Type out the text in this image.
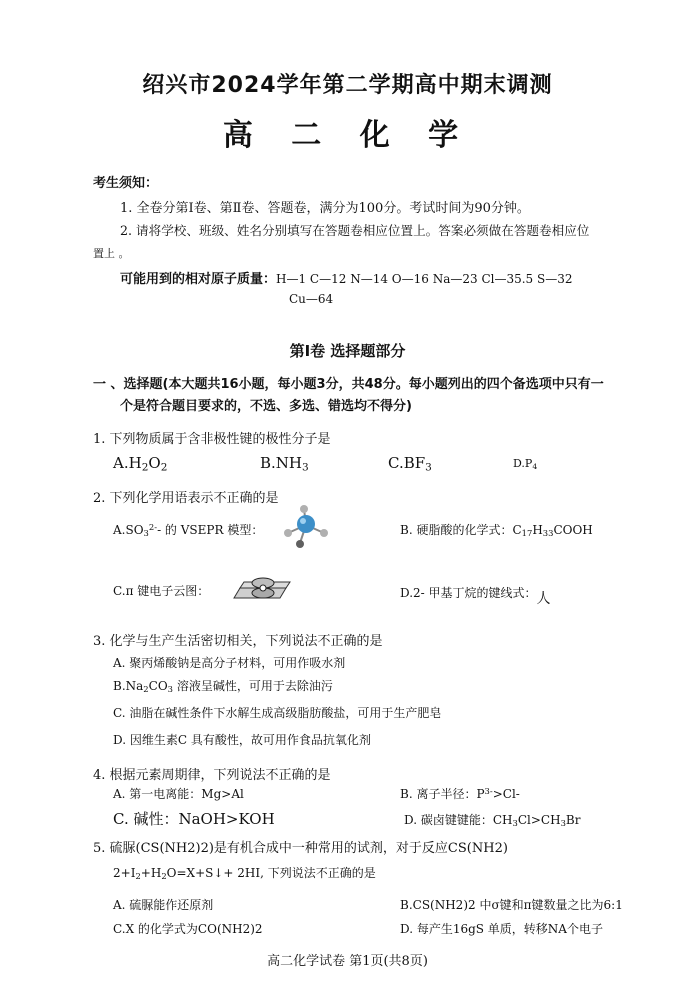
绍兴市2024学年第二学期高中期末调测
高 二 化 学
考生须知：
1. 全卷分第Ⅰ卷、第Ⅱ卷、答题卷，满分为100分。考试时间为90分钟。
2. 请将学校、班级、姓名分别填写在答题卷相应位置上。答案必须做在答题卷相应位
置上 。
可能用到的相对原子质量：H—1 C—12 N—14 O—16 Na—23 Cl—35.5 S—32
Cu—64
第Ⅰ卷 选择题部分
一 、选择题(本大题共16小题，每小题3分，共48分。每小题列出的四个备选项中只有一
个是符合题目要求的，不选、多选、错选均不得分)
1. 下列物质属于含非极性键的极性分子是
$A.H_2O_2$	$B.NH_3$	$C.BF_3$	$D.P_4$
2. 下列化学用语表示不正确的是
$A.SO_3^{2-}-$ 的 VSEPR 模型：	B. 硬脂酸的化学式：$C_{17}H_{33}COOH$
C.π 键电子云图：	D.2- 甲基丁烷的键线式：人
3. 化学与生产生活密切相关，下列说法不正确的是
A. 聚丙烯酸钠是高分子材料，可用作吸水剂
$B.Na_2CO_3$ 溶液呈碱性，可用于去除油污
C. 油脂在碱性条件下水解生成高级脂肪酸盐，可用于生产肥皂
D. 因维生素C 具有酸性，故可用作食品抗氧化剂
4. 根据元素周期律，下列说法不正确的是
A. 第一电离能：Mg>Al	B. 离子半径：$P^{3-}>Cl-$
C. 碱性：NaOH>KOH	D. 碳卤键键能：$CH_3Cl>CH_3Br$
5. 硫脲(CS(NH2)2)是有机合成中一种常用的试剂，对于反应CS(NH2)
$2+I_2+H_2O=X+S↓+ 2HI$, 下列说法不正确的是
A. 硫脲能作还原剂	B.CS(NH2)2 中σ键和π键数量之比为6:1
C.X 的化学式为CO(NH2)2	D. 每产生16gS 单质，转移NA个电子
高二化学试卷 第1页(共8页)
